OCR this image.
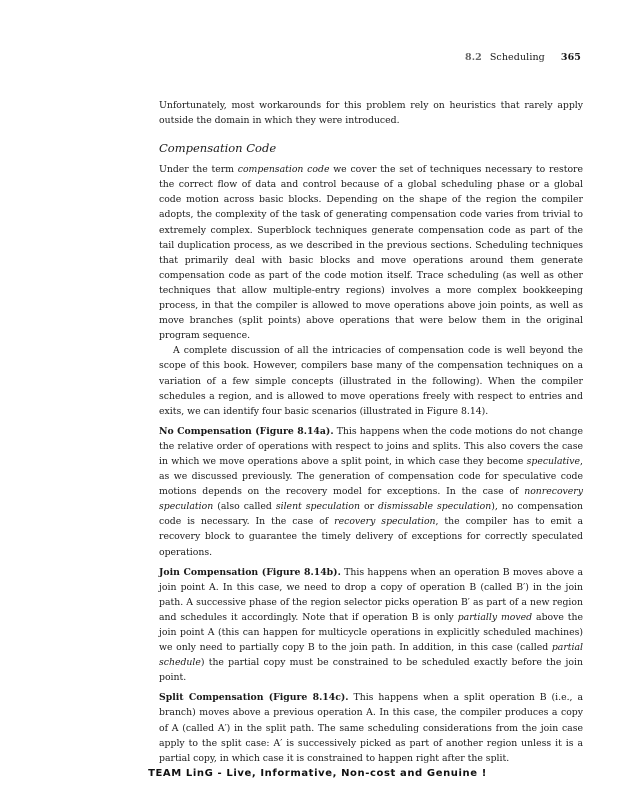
8.2 Scheduling 365

Unfortunately, most workarounds for this problem rely on heuristics that rarely apply outside the domain in which they were introduced.

Compensation Code

Under the term compensation code we cover the set of techniques necessary to restore the correct flow of data and control because of a global scheduling phase or a global code motion across basic blocks. Depending on the shape of the region the compiler adopts, the complexity of the task of generating compensation code varies from trivial to extremely complex. Superblock techniques generate compensation code as part of the tail duplication process, as we described in the previous sections. Scheduling techniques that primarily deal with basic blocks and move operations around them generate compensation code as part of the code motion itself. Trace scheduling (as well as other techniques that allow multiple-entry regions) involves a more complex bookkeeping process, in that the compiler is allowed to move operations above join points, as well as move branches (split points) above operations that were below them in the original program sequence.

A complete discussion of all the intricacies of compensation code is well beyond the scope of this book. However, compilers base many of the compensation techniques on a variation of a few simple concepts (illustrated in the following). When the compiler schedules a region, and is allowed to move operations freely with respect to entries and exits, we can identify four basic scenarios (illustrated in Figure 8.14).

No Compensation (Figure 8.14a). This happens when the code motions do not change the relative order of operations with respect to joins and splits. This also covers the case in which we move operations above a split point, in which case they become speculative, as we discussed previously. The generation of compensation code for speculative code motions depends on the recovery model for exceptions. In the case of nonrecovery speculation (also called silent speculation or dismissable speculation), no compensation code is necessary. In the case of recovery speculation, the compiler has to emit a recovery block to guarantee the timely delivery of exceptions for correctly speculated operations.

Join Compensation (Figure 8.14b). This happens when an operation B moves above a join point A. In this case, we need to drop a copy of operation B (called B′) in the join path. A successive phase of the region selector picks operation B′ as part of a new region and schedules it accordingly. Note that if operation B is only partially moved above the join point A (this can happen for multicycle operations in explicitly scheduled machines) we only need to partially copy B to the join path. In addition, in this case (called partial schedule) the partial copy must be constrained to be scheduled exactly before the join point.

Split Compensation (Figure 8.14c). This happens when a split operation B (i.e., a branch) moves above a previous operation A. In this case, the compiler produces a copy of A (called A′) in the split path. The same scheduling considerations from the join case apply to the split case: A′ is successively picked as part of another region unless it is a partial copy, in which case it is constrained to happen right after the split.

TEAM LinG - Live, Informative, Non-cost and Genuine !
